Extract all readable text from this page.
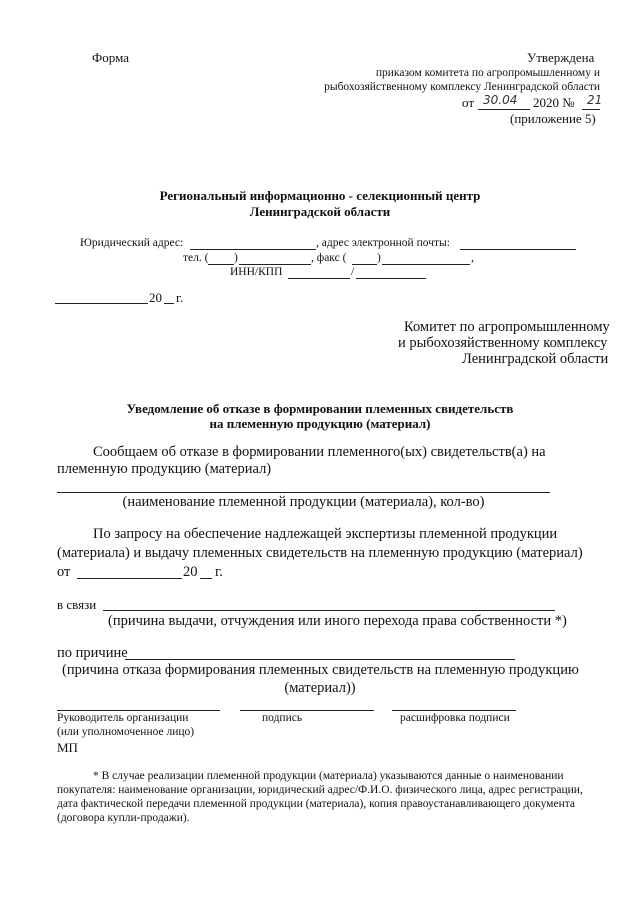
Форма	Утверждена
приказом комитета по агропромышленному и
рыбохозяйственному комплексу Ленинградской области
от 30.04 2020 № 21
(приложение 5)
Региональный информационно - селекционный центр
Ленинградской области
Юридический адрес:	, адрес электронной почты:
тел. ( )	, факс (	)	,
ИНН/КПП	/
20 г.
Комитет по агропромышленному
и рыбохозяйственному комплексу
Ленинградской области
Уведомление об отказе в формировании племенных свидетельств
на племенную продукцию (материал)
Сообщаем об отказе в формировании племенного(ых) свидетельств(а) на
племенную продукцию (материал)
(наименование племенной продукции (материала), кол-во)
По запросу на обеспечение надлежащей экспертизы племенной продукции
(материала) и выдачу племенных свидетельств на племенную продукцию (материал)
от	20 г.
в связи
(причина выдачи, отчуждения или иного перехода права собственности *)
по причине
(причина отказа формирования племенных свидетельств на племенную продукцию
(материал))
Руководитель организации
(или уполномоченное лицо)
МП
подпись	расшифровка подписи
* В случае реализации племенной продукции (материала) указываются данные о наименовании
покупателя: наименование организации, юридический адрес/Ф.И.О. физического лица, адрес регистрации,
дата фактической передачи племенной продукции (материала), копия правоустанавливающего документа
(договора купли-продажи).
